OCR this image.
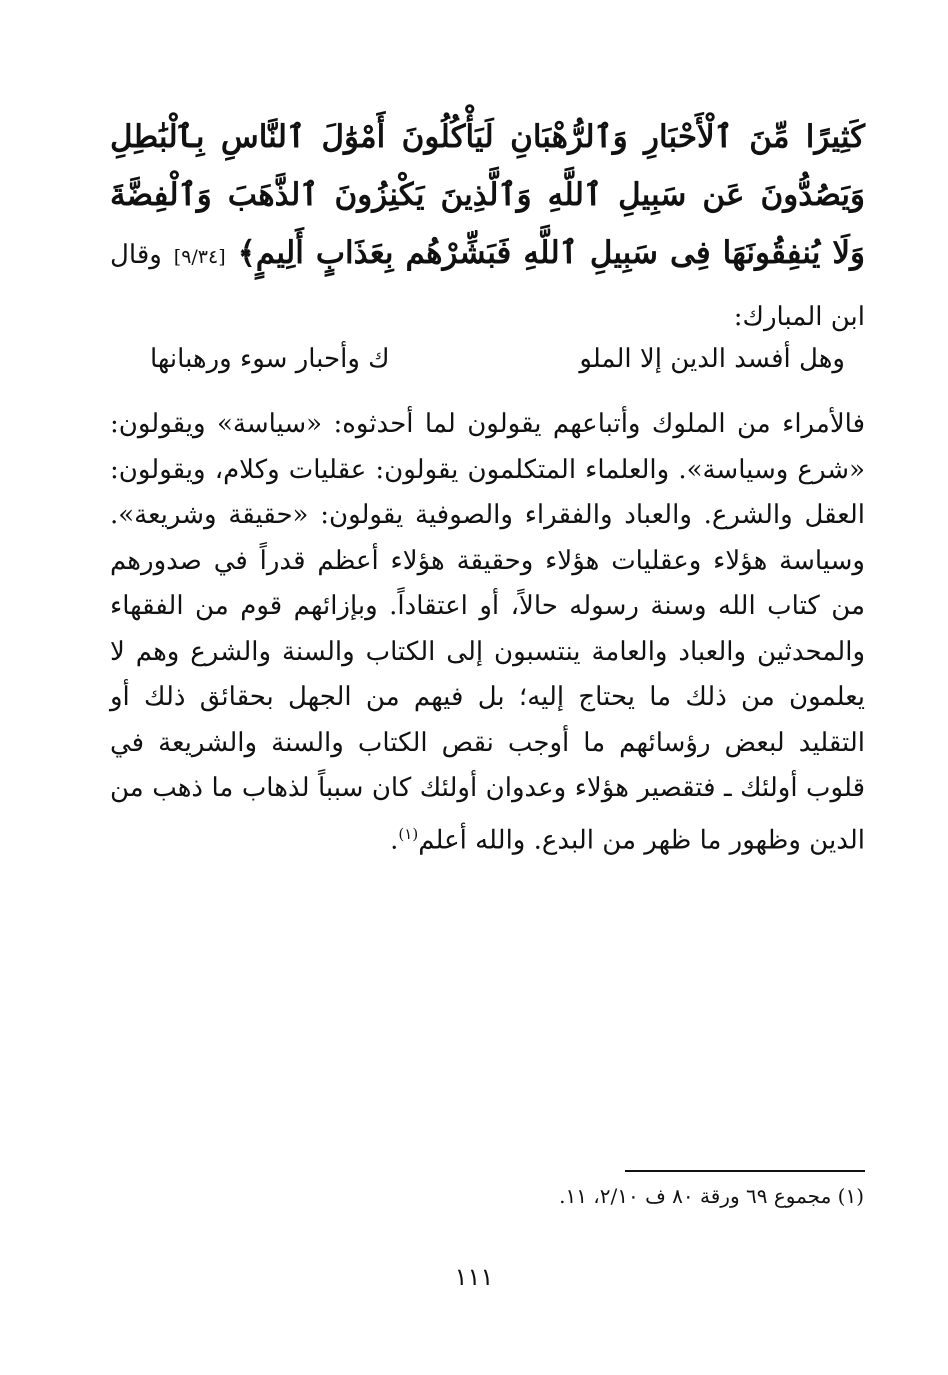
كَثِيرًا مِّنَ ٱلْأَحْبَارِ وَٱلرُّهْبَانِ لَيَأْكُلُونَ أَمْوَٰلَ ٱلنَّاسِ بِٱلْبَٰطِلِ وَيَصُدُّونَ عَن سَبِيلِ ٱللَّهِ وَٱلَّذِينَ يَكْنِزُونَ ٱلذَّهَبَ وَٱلْفِضَّةَ وَلَا يُنفِقُونَهَا فِى سَبِيلِ ٱللَّهِ فَبَشِّرْهُم بِعَذَابٍ أَلِيمٍ﴾ [٩/٣٤] وقال ابن المبارك:
وهل أفسد الدين إلا الملو
ك وأحبار سوء ورهبانها
فالأمراء من الملوك وأتباعهم يقولون لما أحدثوه: «سياسة» ويقولون: «شرع وسياسة». والعلماء المتكلمون يقولون: عقليات وكلام، ويقولون: العقل والشرع. والعباد والفقراء والصوفية يقولون: «حقيقة وشريعة». وسياسة هؤلاء وعقليات هؤلاء وحقيقة هؤلاء أعظم قدراً في صدورهم من كتاب الله وسنة رسوله حالاً، أو اعتقاداً. وبإزائهم قوم من الفقهاء والمحدثين والعباد والعامة ينتسبون إلى الكتاب والسنة والشرع وهم لا يعلمون من ذلك ما يحتاج إليه؛ بل فيهم من الجهل بحقائق ذلك أو التقليد لبعض رؤسائهم ما أوجب نقص الكتاب والسنة والشريعة في قلوب أولئك ـ فتقصير هؤلاء وعدوان أولئك كان سبباً لذهاب ما ذهب من الدين وظهور ما ظهر من البدع. والله أعلم$^{(١)}$.
(١) مجموع ٦٩ ورقة ٨٠ ف ٢/١٠، ١١.
١١١
